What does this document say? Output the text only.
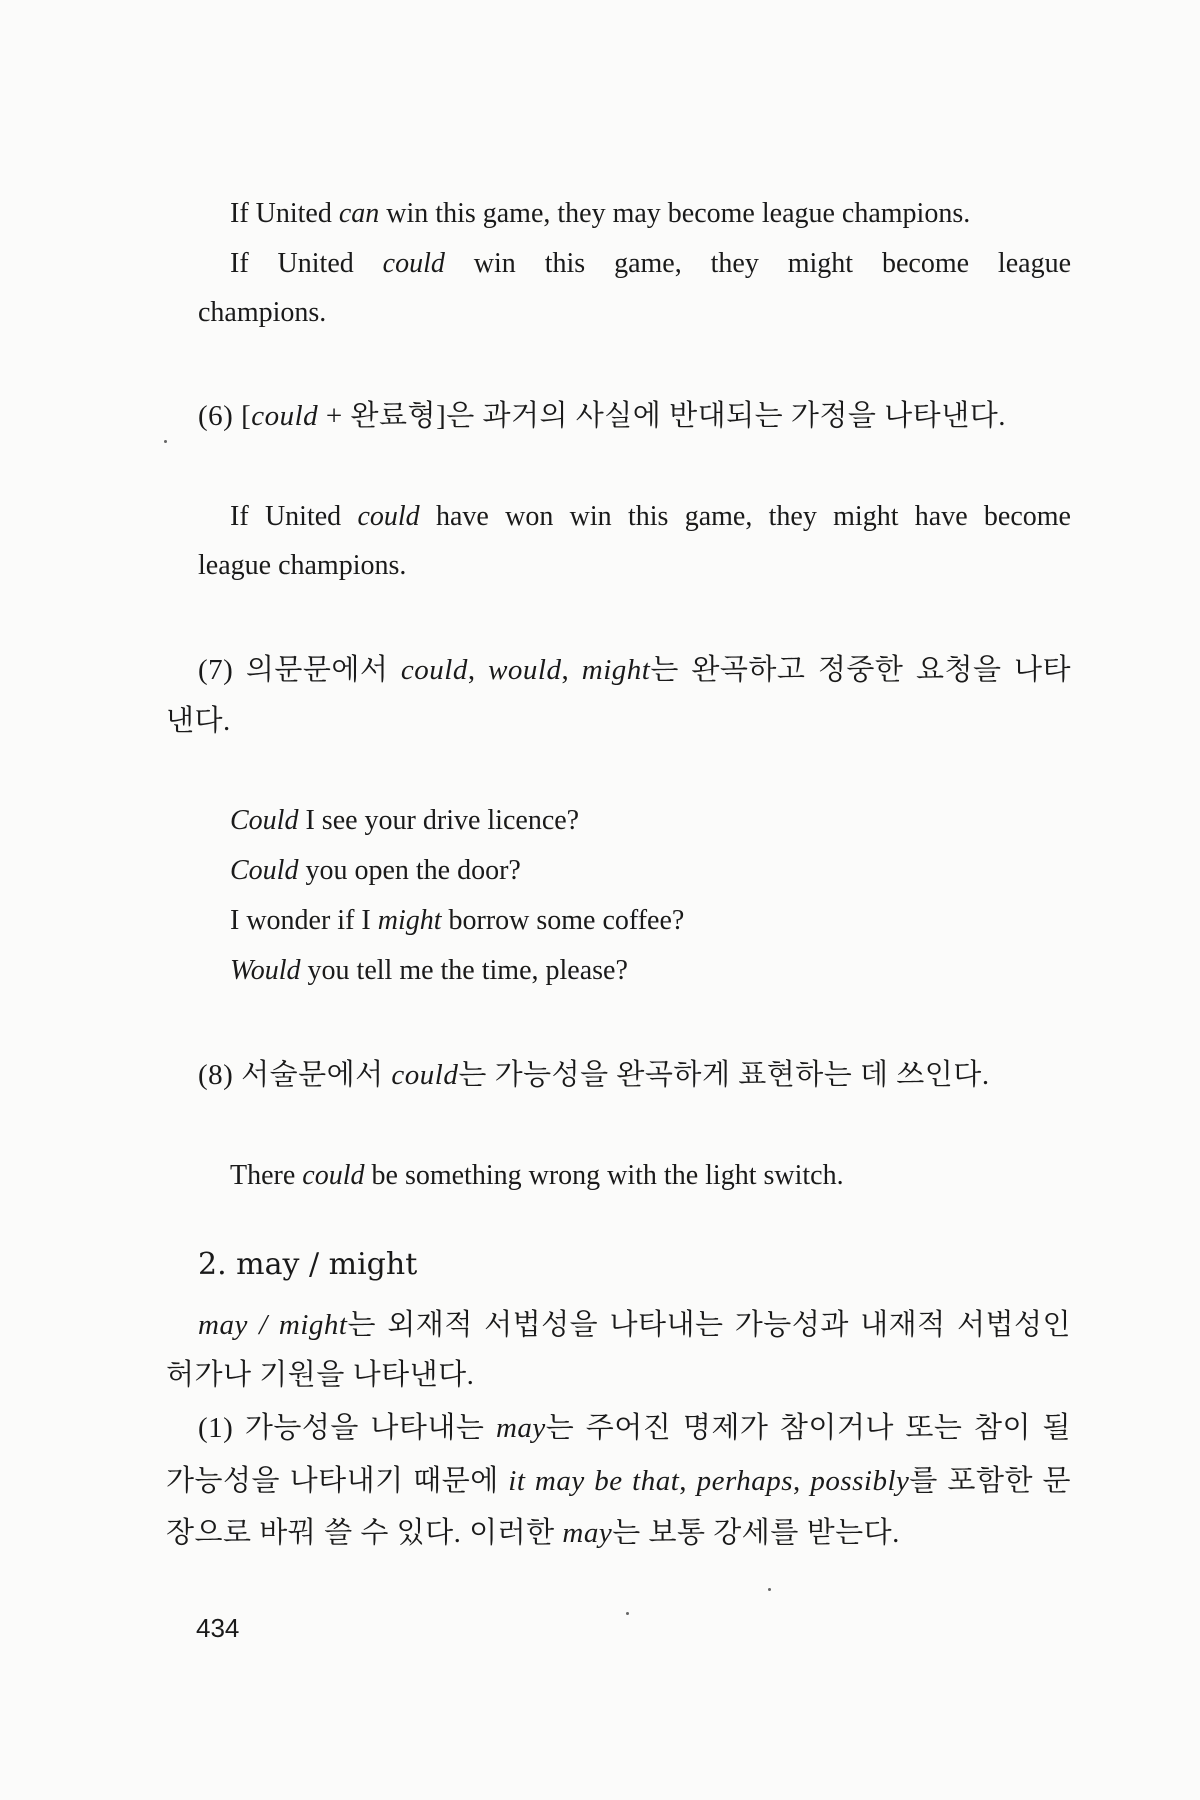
If United can win this game, they may become league champions.
If United could win this game, they might become league
champions.
(6) [could + 완료형]은 과거의 사실에 반대되는 가정을 나타낸다.
If United could have won win this game, they might have become
league champions.
(7) 의문문에서 could, would, might는 완곡하고 정중한 요청을 나타
낸다.
Could I see your drive licence?
Could you open the door?
I wonder if I might borrow some coffee?
Would you tell me the time, please?
(8) 서술문에서 could는 가능성을 완곡하게 표현하는 데 쓰인다.
There could be something wrong with the light switch.
2. may / might
may / might는 외재적 서법성을 나타내는 가능성과 내재적 서법성인
허가나 기원을 나타낸다.
(1) 가능성을 나타내는 may는 주어진 명제가 참이거나 또는 참이 될
가능성을 나타내기 때문에 it may be that, perhaps, possibly를 포함한 문
장으로 바꿔 쓸 수 있다. 이러한 may는 보통 강세를 받는다.
434
